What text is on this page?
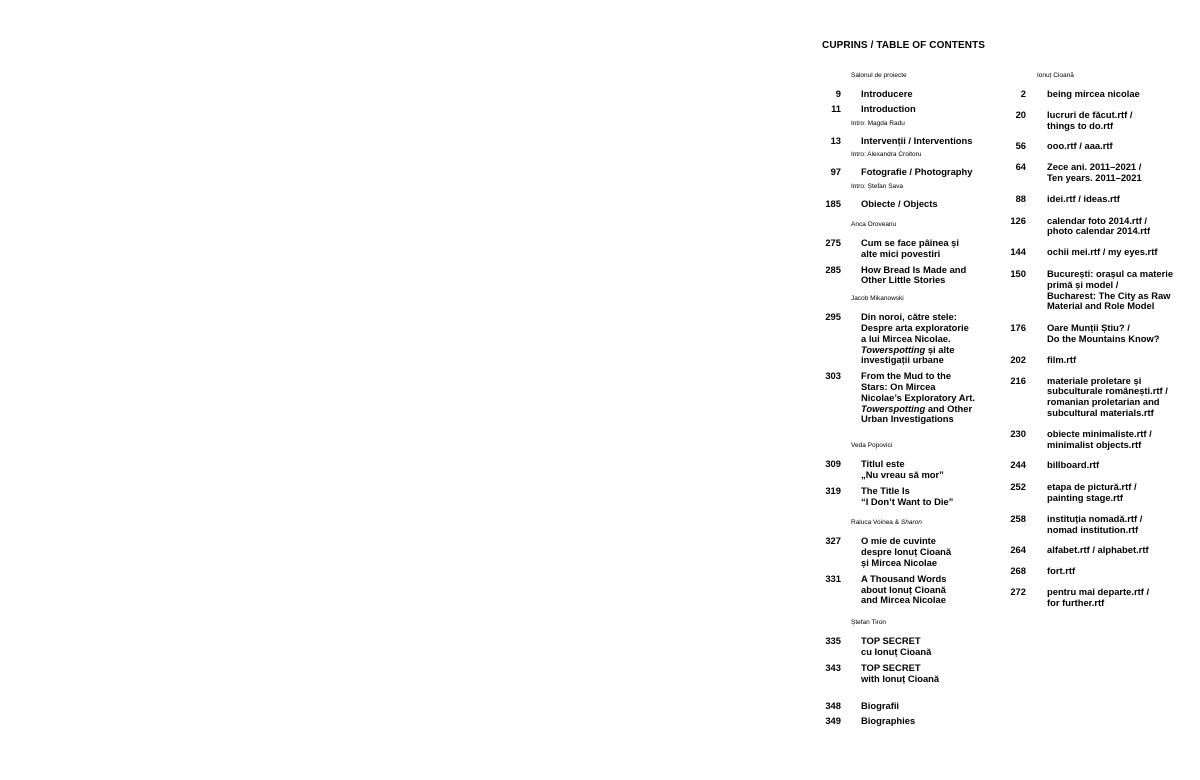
CUPRINS / TABLE OF CONTENTS
Salonul de proiecte
9	Introducere
11	Introduction
Intro: Magda Radu
13	Intervenții / Interventions
Intro: Alexandra Croitoru
97	Fotografie / Photography
Intro: Ștefan Sava
185	Obiecte / Objects
Anca Oroveanu
275	Cum se face pâinea și
alte mici povestiri
285	How Bread Is Made and
Other Little Stories
Jacob Mikanowski
295	Din noroi, către stele:
Despre arta exploratorie
a lui Mircea Nicolae.
Towerspotting și alte
investigații urbane
303	From the Mud to the
Stars: On Mircea
Nicolae’s Exploratory Art.
Towerspotting and Other
Urban Investigations
Veda Popovici
309	Titlul este
„Nu vreau să mor”
319	The Title Is
“I Don’t Want to Die”
Raluca Voinea & Sharon
327	O mie de cuvinte
despre Ionuț Cioană
și Mircea Nicolae
331	A Thousand Words
about Ionuț Cioană
and Mircea Nicolae
Ștefan Tiron
335	TOP SECRET
cu Ionuț Cioană
343	TOP SECRET
with Ionuț Cioană
348	Biografii
349	Biographies
Ionuț Cioană
2	being mircea nicolae
20	lucruri de făcut.rtf /
things to do.rtf
56	ooo.rtf / aaa.rtf
64	Zece ani. 2011–2021 /
Ten years. 2011–2021
88	idei.rtf / ideas.rtf
126	calendar foto 2014.rtf /
photo calendar 2014.rtf
144	ochii mei.rtf / my eyes.rtf
150	București: orașul ca materie
primă și model /
Bucharest: The City as Raw
Material and Role Model
176	Oare Munții Știu? /
Do the Mountains Know?
202	film.rtf
216	materiale proletare și
subculturale românești.rtf /
romanian proletarian and
subcultural materials.rtf
230	obiecte minimaliste.rtf /
minimalist objects.rtf
244	billboard.rtf
252	etapa de pictură.rtf /
painting stage.rtf
258	instituția nomadă.rtf /
nomad institution.rtf
264	alfabet.rtf / alphabet.rtf
268	fort.rtf
272	pentru mai departe.rtf /
for further.rtf
